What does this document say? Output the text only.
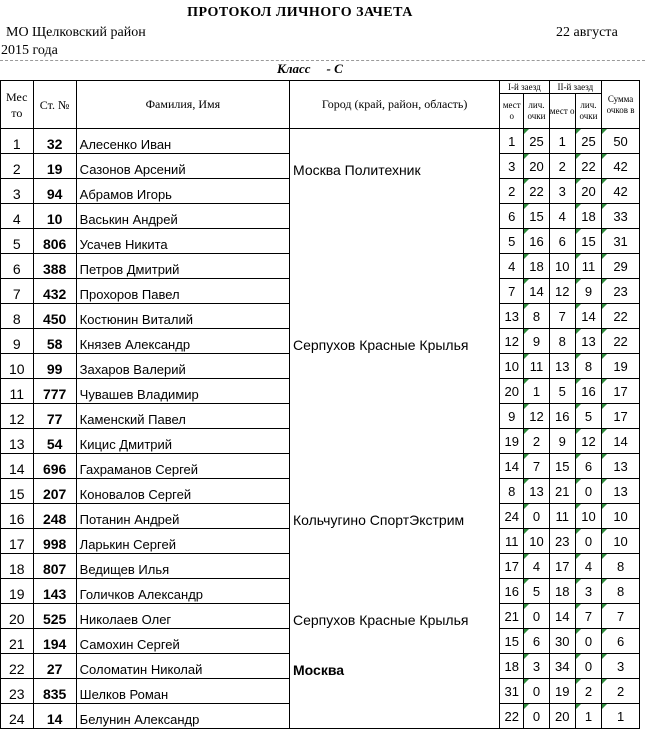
ПРОТОКОЛ ЛИЧНОГО ЗАЧЕТА
МО Щелковский район	22 августа
2015 года
Класс - С
Мес то	Ст. №	Фамилия, Имя	Город (край, район, область)	I-й заезд		II-й заезд		Сумма очков в
				мест о	лич. очки	мест о	лич. очки	
1	32	Алесенко Иван		1	25	1	25	50
2	19	Сазонов Арсений	Москва Политехник	3	20	2	22	42
3	94	Абрамов Игорь		2	22	3	20	42
4	10	Васькин Андрей		6	15	4	18	33
5	806	Усачев Никита		5	16	6	15	31
6	388	Петров Дмитрий		4	18	10	11	29
7	432	Прохоров Павел		7	14	12	9	23
8	450	Костюнин Виталий		13	8	7	14	22
9	58	Князев Александр	Серпухов Красные Крылья	12	9	8	13	22
10	99	Захаров Валерий		10	11	13	8	19
11	777	Чувашев Владимир		20	1	5	16	17
12	77	Каменский Павел		9	12	16	5	17
13	54	Кицис Дмитрий		19	2	9	12	14
14	696	Гахраманов Сергей		14	7	15	6	13
15	207	Коновалов Сергей		8	13	21	0	13
16	248	Потанин Андрей	Кольчугино СпортЭкстрим	24	0	11	10	10
17	998	Ларькин Сергей		11	10	23	0	10
18	807	Ведищев Илья		17	4	17	4	8
19	143	Голичков Александр		16	5	18	3	8
20	525	Николаев Олег	Серпухов Красные Крылья	21	0	14	7	7
21	194	Самохин Сергей		15	6	30	0	6
22	27	Соломатин Николай	Москва	18	3	34	0	3
23	835	Шелков Роман		31	0	19	2	2
24	14	Белунин Александр		22	0	20	1	1
